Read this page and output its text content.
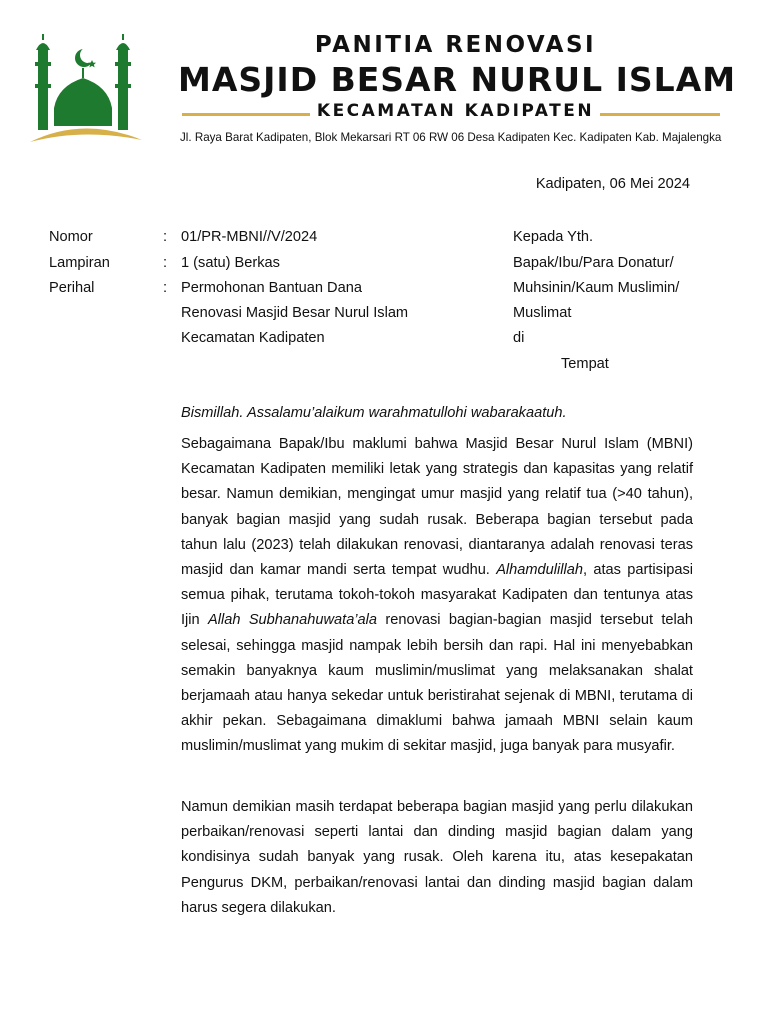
PANITIA RENOVASI
MASJID BESAR NURUL ISLAM
KECAMATAN KADIPATEN
Jl. Raya Barat Kadipaten, Blok Mekarsari RT 06 RW 06 Desa Kadipaten Kec. Kadipaten Kab. Majalengka
Kadipaten, 06 Mei 2024
Nomor	: 01/PR-MBNI//V/2024
Lampiran	: 1 (satu) Berkas
Perihal	: Permohonan Bantuan Dana
Renovasi Masjid Besar Nurul Islam
Kecamatan Kadipaten
Kepada Yth.
Bapak/Ibu/Para Donatur/
Muhsinin/Kaum Muslimin/
Muslimat
di
Tempat
Bismillah. Assalamu’alaikum warahmatullohi wabarakaatuh.
Sebagaimana Bapak/Ibu maklumi bahwa Masjid Besar Nurul Islam (MBNI) Kecamatan Kadipaten memiliki letak yang strategis dan kapasitas yang relatif besar. Namun demikian, mengingat umur masjid yang relatif tua (>40 tahun), banyak bagian masjid yang sudah rusak. Beberapa bagian tersebut pada tahun lalu (2023) telah dilakukan renovasi, diantaranya adalah renovasi teras masjid dan kamar mandi serta tempat wudhu. Alhamdulillah, atas partisipasi semua pihak, terutama tokoh-tokoh masyarakat Kadipaten dan tentunya atas Ijin Allah Subhanahuwata’ala renovasi bagian-bagian masjid tersebut telah selesai, sehingga masjid nampak lebih bersih dan rapi. Hal ini menyebabkan semakin banyaknya kaum muslimin/muslimat yang melaksanakan shalat berjamaah atau hanya sekedar untuk beristirahat sejenak di MBNI, terutama di akhir pekan. Sebagaimana dimaklumi bahwa jamaah MBNI selain kaum muslimin/muslimat yang mukim di sekitar masjid, juga banyak para musyafir.
Namun demikian masih terdapat beberapa bagian masjid yang perlu dilakukan perbaikan/renovasi seperti lantai dan dinding masjid bagian dalam yang kondisinya sudah banyak yang rusak. Oleh karena itu, atas kesepakatan Pengurus DKM, perbaikan/renovasi lantai dan dinding masjid bagian dalam harus segera dilakukan.
